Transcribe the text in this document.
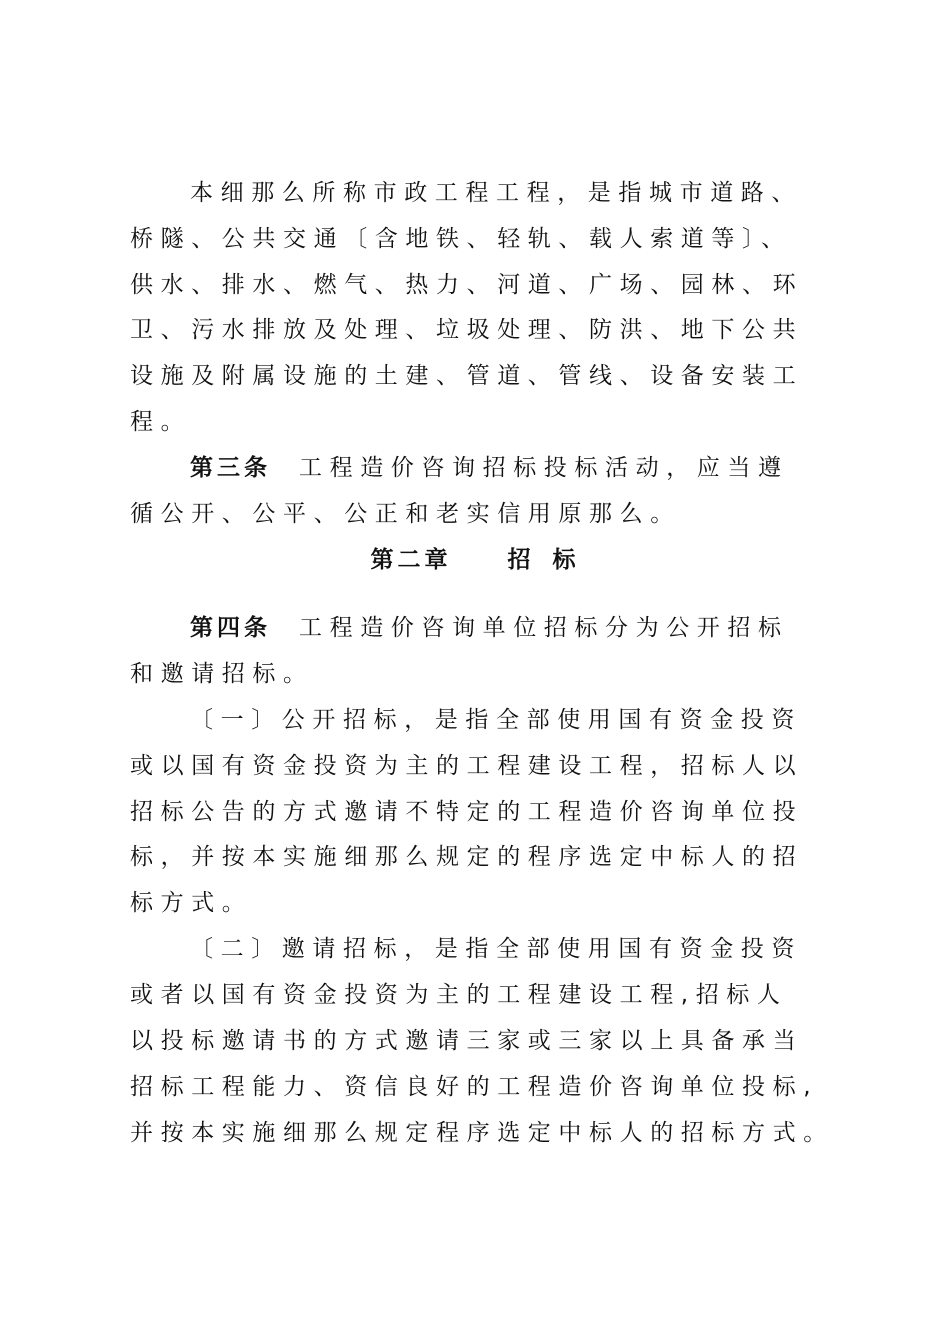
本细那么所称市政工程工程，是指城市道路、
桥隧、公共交通〔含地铁、轻轨、载人索道等〕、
供水、排水、燃气、热力、河道、广场、园林、环
卫、污水排放及处理、垃圾处理、防洪、地下公共
设施及附属设施的土建、管道、管线、设备安装工
程。
第三条 工程造价咨询招标投标活动，应当遵
循公开、公平、公正和老实信用原那么。
第二章 招 标
第四条 工程造价咨询单位招标分为公开招标
和邀请招标。
〔一〕公开招标，是指全部使用国有资金投资
或以国有资金投资为主的工程建设工程，招标人以
招标公告的方式邀请不特定的工程造价咨询单位投
标，并按本实施细那么规定的程序选定中标人的招
标方式。
〔二〕邀请招标，是指全部使用国有资金投资
或者以国有资金投资为主的工程建设工程,招标人
以投标邀请书的方式邀请三家或三家以上具备承当
招标工程能力、资信良好的工程造价咨询单位投标,
并按本实施细那么规定程序选定中标人的招标方式。
